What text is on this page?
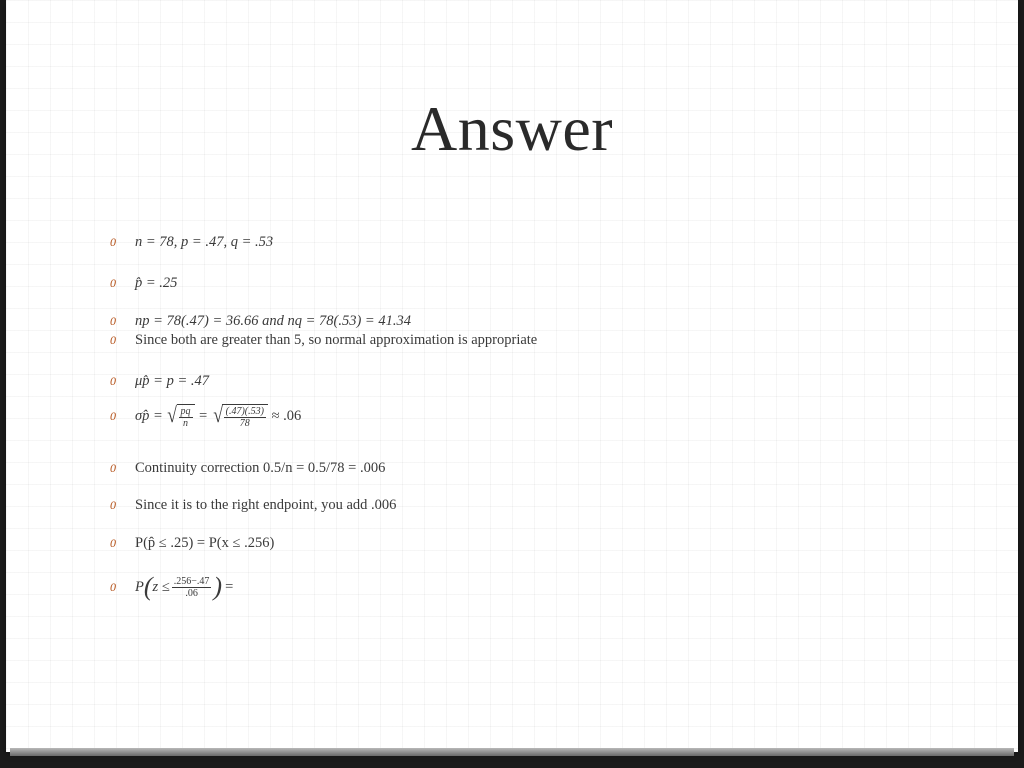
Answer
0	n = 78, p = .47, q = .53
0	p̂ = .25
0	np = 78(.47) = 36.66 and nq = 78(.53) = 41.34
0	Since both are greater than 5, so normal approximation is appropriate
0	μp̂ = p = .47
0	σp̂ = √ $\frac{pq}{n}$ = √ $\frac{(.47)(.53)}{78} \approx .06$
0	Continuity correction 0.5/n = 0.5/78 = .006
0	Since it is to the right endpoint, you add .006
0	P(p̂ ≤ .25) = P(x ≤ .256)
0	P ( $z \le \frac{.256-.47}{.06}$ ) =
